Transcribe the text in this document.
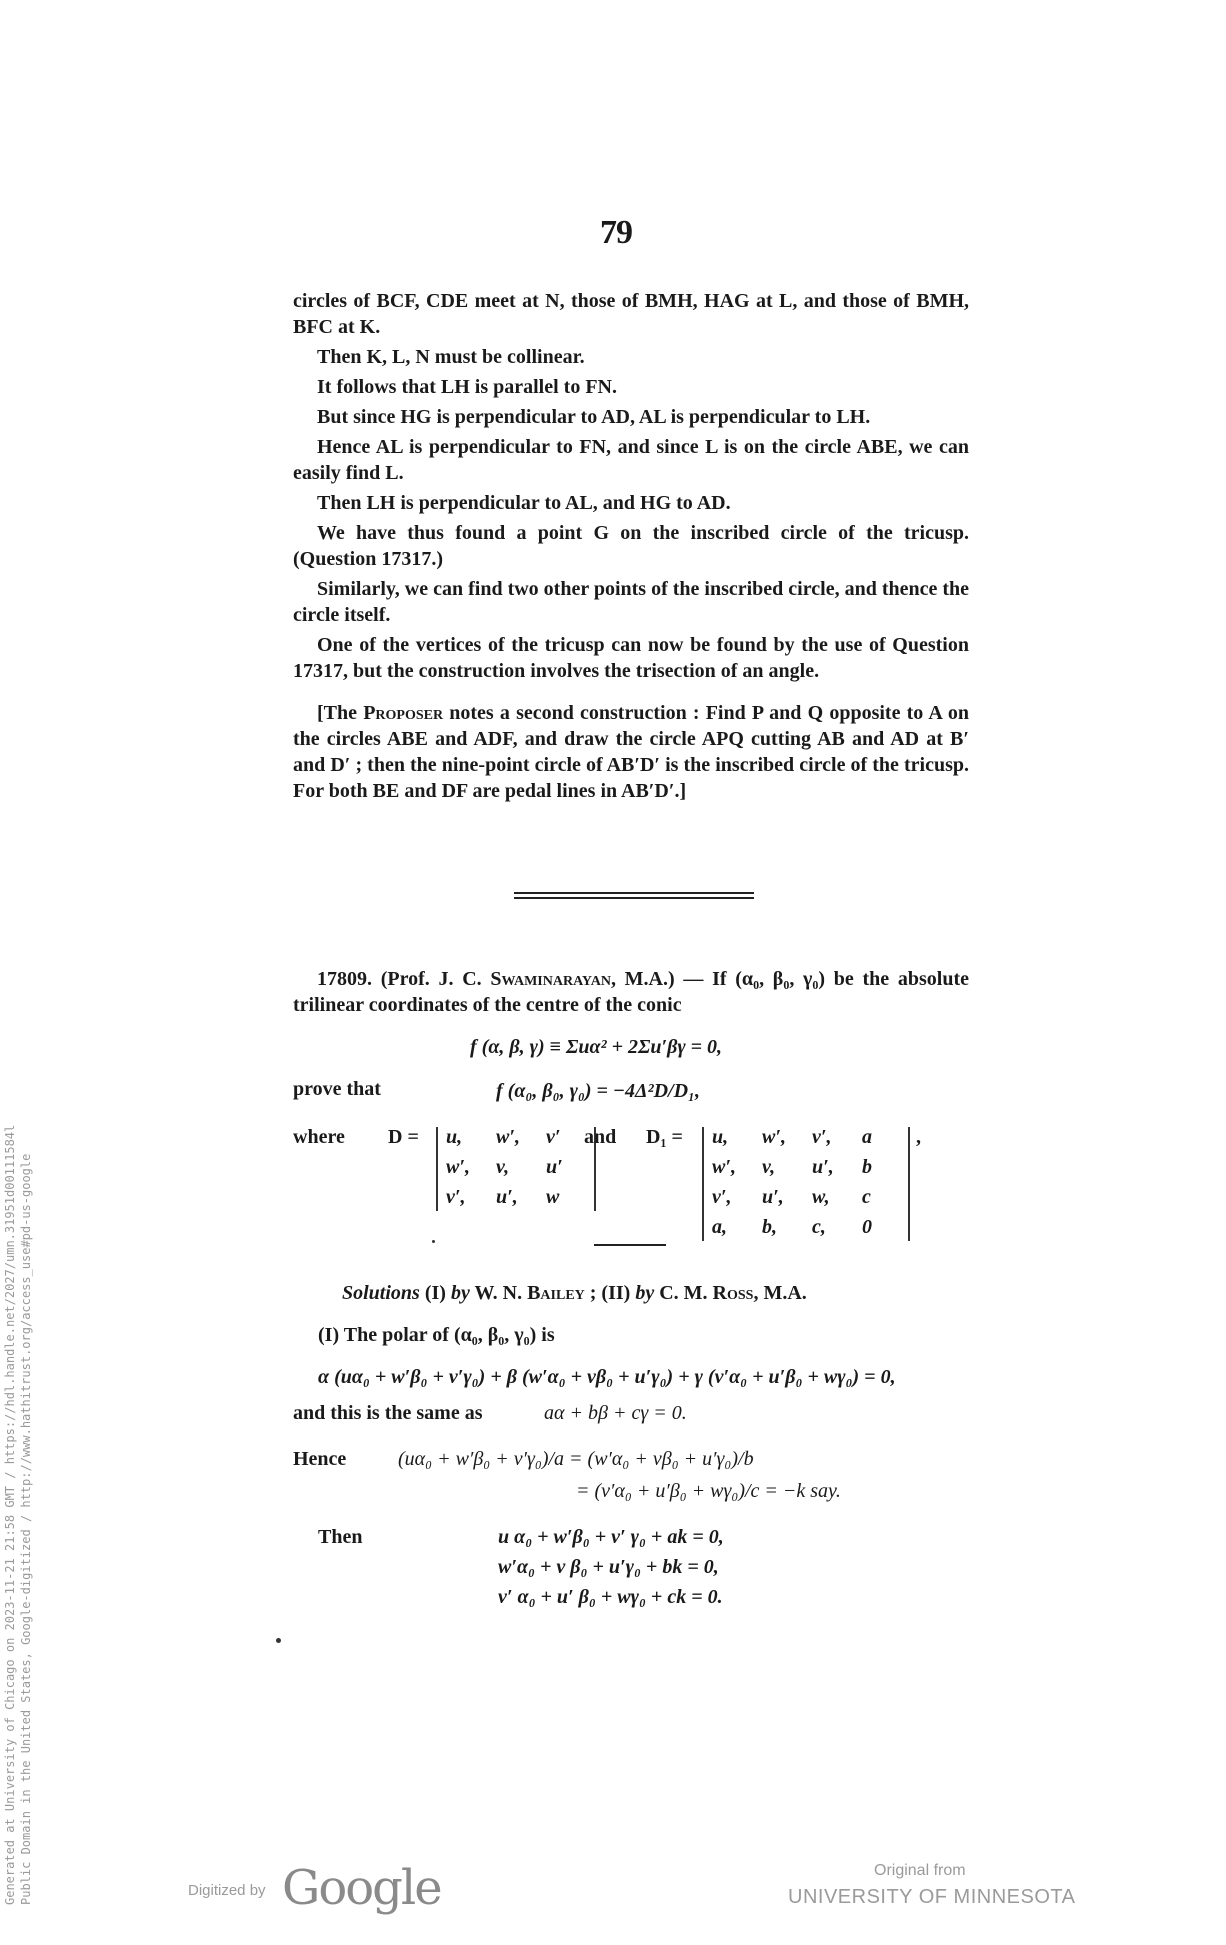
79

circles of BCF, CDE meet at N, those of BMH, HAG at L, and those of BMH, BFC at K.

Then K, L, N must be collinear.

It follows that LH is parallel to FN.

But since HG is perpendicular to AD, AL is perpendicular to LH.

Hence AL is perpendicular to FN, and since L is on the circle ABE, we can easily find L.

Then LH is perpendicular to AL, and HG to AD.

We have thus found a point G on the inscribed circle of the tricusp. (Question 17317.)

Similarly, we can find two other points of the inscribed circle, and thence the circle itself.

One of the vertices of the tricusp can now be found by the use of Question 17317, but the construction involves the trisection of an angle.

[The Proposer notes a second construction : Find P and Q opposite to A on the circles ABE and ADF, and draw the circle APQ cutting AB and AD at B′ and D′ ; then the nine-point circle of AB′D′ is the inscribed circle of the tricusp. For both BE and DF are pedal lines in AB′D′.]

17809. (Prof. J. C. Swaminarayan, M.A.) — If (α₀, β₀, γ₀) be the absolute trilinear coordinates of the centre of the conic

f (α, β, γ) ≡ Σuα² + 2Σu′βγ = 0,
prove that	f (α₀, β₀, γ₀) = −4Δ²D/D₁,
where D = u,	w′,	v′
w′,	v,	u′
v′,	u′,	w
and D₁ = u,	w′,	v′,	a
w′,	v,	u′,	b
v′,	u′,	w,	c
a,	b,	c,	0
,
Solutions (I) by W. N. Bailey ; (II) by C. M. Ross, M.A.
(I) The polar of (α₀, β₀, γ₀) is
α (uα₀ + w′β₀ + v′γ₀) + β (w′α₀ + vβ₀ + u′γ₀) + γ (v′α₀ + u′β₀ + wγ₀) = 0,
and this is the same as	aα + bβ + cγ = 0.
Hence	(uα₀ + w′β₀ + v′γ₀)/a = (w′α₀ + vβ₀ + u′γ₀)/b
= (v′α₀ + u′β₀ + wγ₀)/c = −k say.
Then	u α₀ + w′β₀ + v′ γ₀ + ak = 0,
w′α₀ + v β₀ + u′γ₀ + bk = 0,
v′ α₀ + u′ β₀ + wγ₀ + ck = 0.
Generated at University of Chicago on 2023-11-21 21:58 GMT / https://hdl.handle.net/2027/umn.31951d00111584l Public Domain in the United States, Google-digitized / http://www.hathitrust.org/access_use#pd-us-google	Digitized by Google	Original from
UNIVERSITY OF MINNESOTA
